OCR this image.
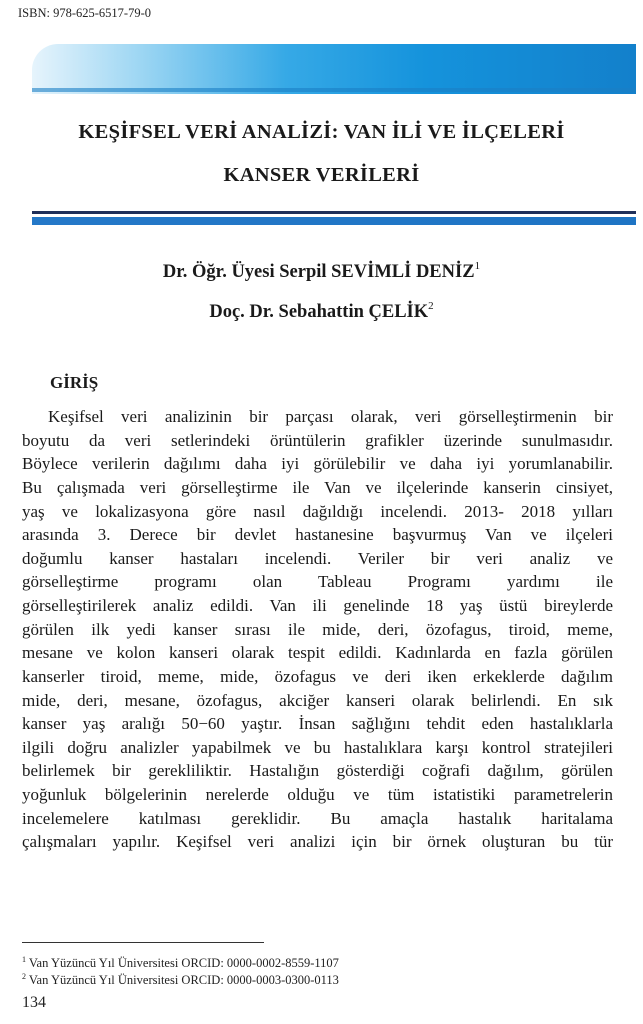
ISBN: 978-625-6517-79-0
KEŞİFSEL VERİ ANALİZİ: VAN İLİ VE İLÇELERİ
KANSER VERİLERİ
Dr. Öğr. Üyesi Serpil SEVİMLİ DENİZ$^1$
Doç. Dr. Sebahattin ÇELİK$^2$
GİRİŞ
Keşifsel veri analizinin bir parçası olarak, veri görselleştirmenin bir
boyutu da veri setlerindeki örüntülerin grafikler üzerinde sunulmasıdır.
Böylece verilerin dağılımı daha iyi görülebilir ve daha iyi yorumlanabilir.
Bu çalışmada veri görselleştirme ile Van ve ilçelerinde kanserin cinsiyet,
yaş ve lokalizasyona göre nasıl dağıldığı incelendi. 2013- 2018 yılları
arasında 3. Derece bir devlet hastanesine başvurmuş Van ve ilçeleri
doğumlu kanser hastaları incelendi. Veriler bir veri analiz ve
görselleştirme programı olan Tableau Programı yardımı ile
görselleştirilerek analiz edildi. Van ili genelinde 18 yaş üstü bireylerde
görülen ilk yedi kanser sırası ile mide, deri, özofagus, tiroid, meme,
mesane ve kolon kanseri olarak tespit edildi. Kadınlarda en fazla görülen
kanserler tiroid, meme, mide, özofagus ve deri iken erkeklerde dağılım
mide, deri, mesane, özofagus, akciğer kanseri olarak belirlendi. En sık
kanser yaş aralığı 50−60 yaştır. İnsan sağlığını tehdit eden hastalıklarla
ilgili doğru analizler yapabilmek ve bu hastalıklara karşı kontrol stratejileri
belirlemek bir gerekliliktir. Hastalığın gösterdiği coğrafi dağılım, görülen
yoğunluk bölgelerinin nerelerde olduğu ve tüm istatistiki parametrelerin
incelemelere katılması gereklidir. Bu amaçla hastalık haritalama
çalışmaları yapılır. Keşifsel veri analizi için bir örnek oluşturan bu tür
$^1$ Van Yüzüncü Yıl Üniversitesi ORCID: 0000-0002-8559-1107
$^2$ Van Yüzüncü Yıl Üniversitesi ORCID: 0000-0003-0300-0113
134
